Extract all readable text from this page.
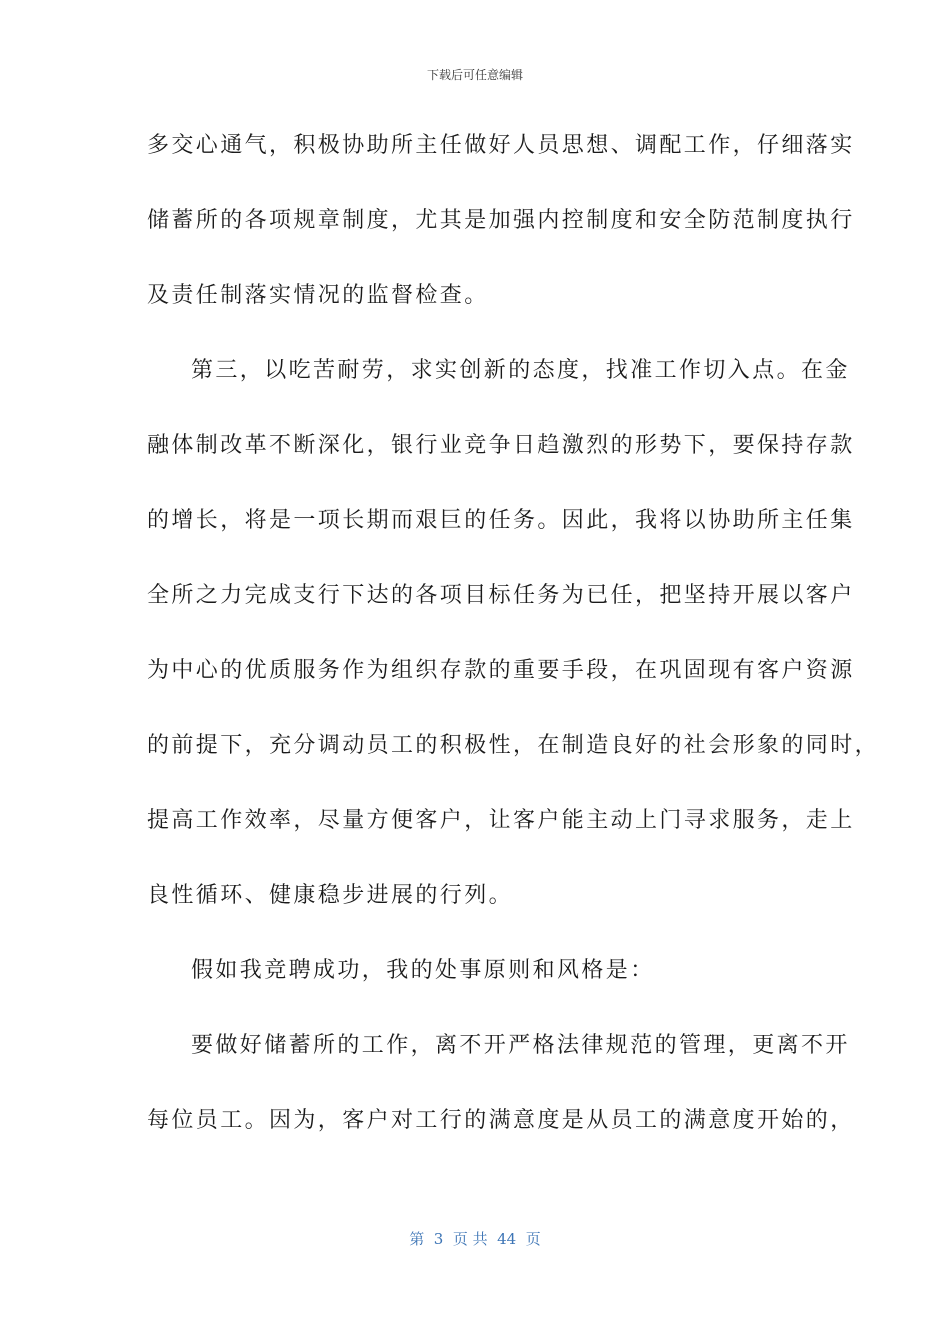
下载后可任意编辑
多交心通气，积极协助所主任做好人员思想、调配工作，仔细落实
储蓄所的各项规章制度，尤其是加强内控制度和安全防范制度执行
及责任制落实情况的监督检查。
第三，以吃苦耐劳，求实创新的态度，找准工作切入点。在金
融体制改革不断深化，银行业竞争日趋激烈的形势下，要保持存款
的增长，将是一项长期而艰巨的任务。因此，我将以协助所主任集
全所之力完成支行下达的各项目标任务为已任，把坚持开展以客户
为中心的优质服务作为组织存款的重要手段，在巩固现有客户资源
的前提下，充分调动员工的积极性，在制造良好的社会形象的同时，
提高工作效率，尽量方便客户，让客户能主动上门寻求服务，走上
良性循环、健康稳步进展的行列。
假如我竞聘成功，我的处事原则和风格是：
要做好储蓄所的工作，离不开严格法律规范的管理，更离不开
每位员工。因为，客户对工行的满意度是从员工的满意度开始的，
第  3  页 共  44  页
